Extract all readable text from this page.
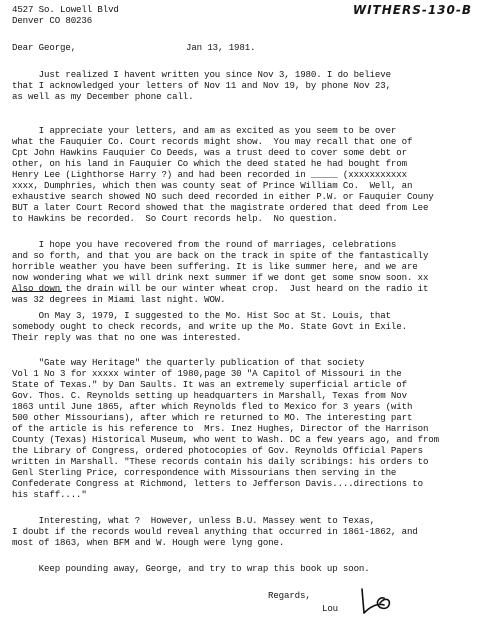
WITHERS-130-B
4527 So. Lowell Blvd
Denver CO 80236
Dear George,	Jan 13, 1981.
Just realized I havent written you since Nov 3, 1980. I do believe
that I acknowledged your letters of Nov 11 and Nov 19, by phone Nov 23,
as well as my December phone call.
I appreciate your letters, and am as excited as you seem to be over
what the Fauquier Co. Court records might show.  You may recall that one of
Cpt John Hawkins Fauquier Co Deeds, was a trust deed to cover some debt or
other, on his land in Fauquier Co which the deed stated he had bought from
Henry Lee (Lighthorse Harry ?) and had been recorded in _____ (xxxxxxxxxxx
xxxx, Dumphries, which then was county seat of Prince William Co.  Well, an
exhaustive search showed NO such deed recorded in either P.W. or Fauquier Couny
BUT a later Court Record showed that the magistrate ordered that deed from Lee
to Hawkins be recorded.  So Court records help.  No question.
I hope you have recovered from the round of marriages, celebrations
and so forth, and that you are back on the track in spite of the fantastically
horrible weather you have been suffering. It is like summer here, and we are
now wondering what we will drink next summer if we dont get some snow soon. xx
Also down the drain will be our winter wheat crop.  Just heard on the radio it
was 32 degrees in Miami last night. WOW.
On May 3, 1979, I suggested to the Mo. Hist Soc at St. Louis, that
somebody ought to check records, and write up the Mo. State Govt in Exile.
Their reply was that no one was interested.
"Gate way Heritage" the quarterly publication of that society
Vol 1 No 3 for xxxxx winter of 1980,page 30 "A Capitol of Missouri in the
State of Texas." by Dan Saults. It was an extremely superficial article of
Gov. Thos. C. Reynolds setting up headquarters in Marshall, Texas from Nov
1863 until June 1865, after which Reynolds fled to Mexico for 3 years (with
500 other Missourians), after which re returned to MO. The interesting part
of the article is his reference to  Mrs. Inez Hughes, Director of the Harrison
County (Texas) Historical Museum, who went to Wash. DC a few years ago, and from
the Library of Congress, ordered photocopies of Gov. Reynolds Official Papers
written in Marshall. "These records contain his daily scribings: his orders to
Genl Sterling Price, correspondence with Missourians then serving in the
Confederate Congress at Richmond, letters to Jefferson Davis....directions to
his staff...."
Interesting, what ?  However, unless B.U. Massey went to Texas,
I doubt if the records would reveal anything that occurred in 1861-1862, and
most of 1863, when BFM and W. Hough were lyng gone.
Keep pounding away, George, and try to wrap this book up soon.
Regards,
Lou
